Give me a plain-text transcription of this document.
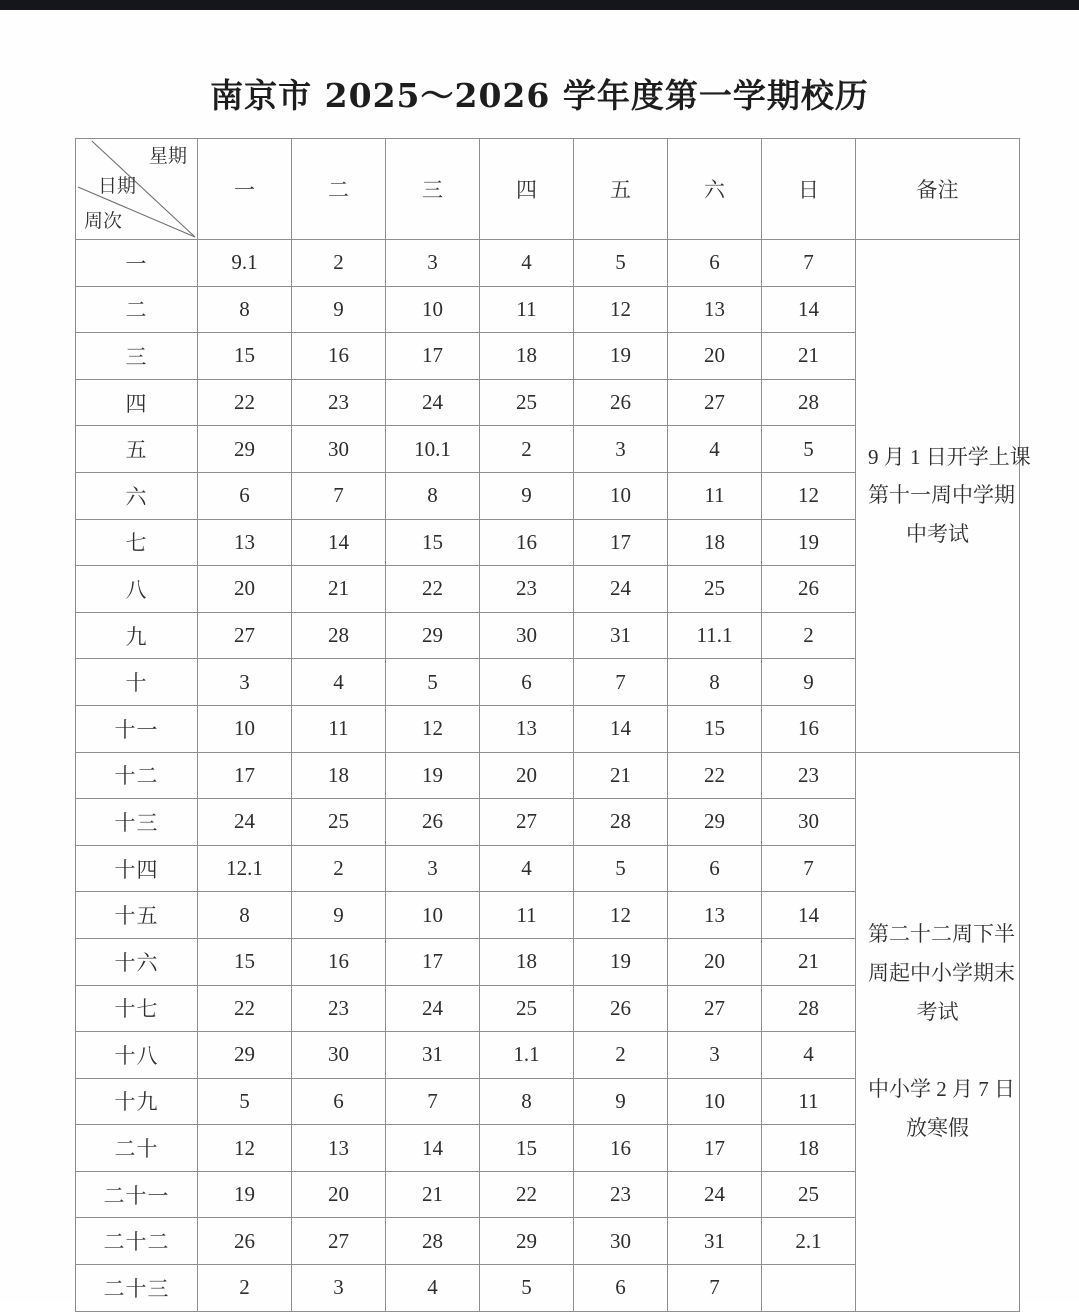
南京市 2025～2026 学年度第一学期校历
星期
日期
周次	一	二	三	四	五	六	日	备注
一	9.1	2	3	4	5	6	7	9 月 1 日开学上课
第十一周中学期
中考试

二	8	9	10	11	12	13	14	
三	15	16	17	18	19	20	21	
四	22	23	24	25	26	27	28	
五	29	30	10.1	2	3	4	5	
六	6	7	8	9	10	11	12	
七	13	14	15	16	17	18	19	
八	20	21	22	23	24	25	26	
九	27	28	29	30	31	11.1	2	
十	3	4	5	6	7	8	9	
十一	10	11	12	13	14	15	16	
十二	17	18	19	20	21	22	23	第二十二周下半
周起中小学期末
考试

中小学 2 月 7 日
放寒假

十三	24	25	26	27	28	29	30	
十四	12.1	2	3	4	5	6	7	
十五	8	9	10	11	12	13	14	
十六	15	16	17	18	19	20	21	
十七	22	23	24	25	26	27	28	
十八	29	30	31	1.1	2	3	4	
十九	5	6	7	8	9	10	11	
二十	12	13	14	15	16	17	18	
二十一	19	20	21	22	23	24	25	
二十二	26	27	28	29	30	31	2.1	
二十三	2	3	4	5	6	7		
